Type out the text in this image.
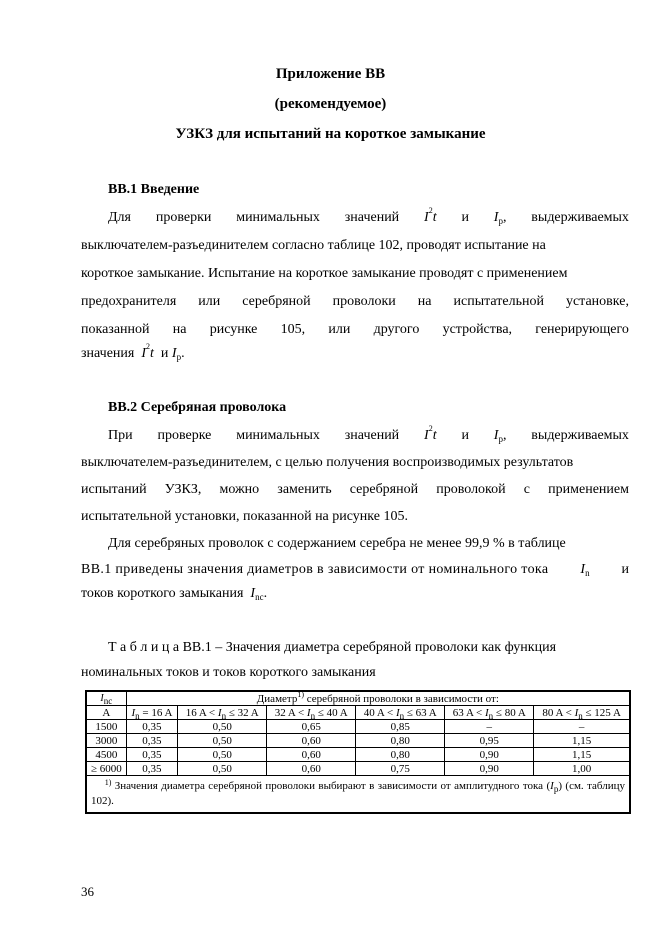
Приложение ВВ
(рекомендуемое)
УЗКЗ для испытаний на короткое замыкание
ВВ.1 Введение
Для проверки минимальных значений $I^2t$ и $I_p$, выдерживаемых
выключателем-разъединителем согласно таблице 102, проводят испытание на
короткое замыкание. Испытание на короткое замыкание проводят с применением
предохранителя или серебряной проволоки на испытательной установке,
показанной на рисунке 105, или другого устройства, генерирующего
значения $I^2t$ и $I_p$.
ВВ.2 Серебряная проволока
При проверке минимальных значений $I^2t$ и $I_p$, выдерживаемых
выключателем-разъединителем, с целью получения воспроизводимых результатов
испытаний УЗКЗ, можно заменить серебряной проволокой с применением
испытательной установки, показанной на рисунке 105.
Для серебряных проволок с содержанием серебра не менее 99,9 % в таблице
ВВ.1 приведены значения диаметров в зависимости от номинального тока $I_n$ и
токов короткого замыкания $I_{nc}$.
Т а б л и ц а ВВ.1 – Значения диаметра серебряной проволоки как функция
номинальных токов и токов короткого замыкания
$I_{nc}$	Диаметр$^{1)}$ серебряной проволоки в зависимости от:					
A	$I_n = 16$ A	16 $A < I_n \le 32$ A	32 $A < I_n \le 40$ A	40 $A < I_n \le 63$ A	63 $A < I_n \le 80$ A	80 $A < I_n \le 125$ A
1500	0,35	0,50	0,65	0,85	–	–
3000	0,35	0,50	0,60	0,80	0,95	1,15
4500	0,35	0,50	0,60	0,80	0,90	1,15
≥ 6000	0,35	0,50	0,60	0,75	0,90	1,00
$^{1)}$ Значения диаметра серебряной проволоки выбирают в зависимости от амплитудного тока $(I_p)$ (см. таблицу 102).						
36
